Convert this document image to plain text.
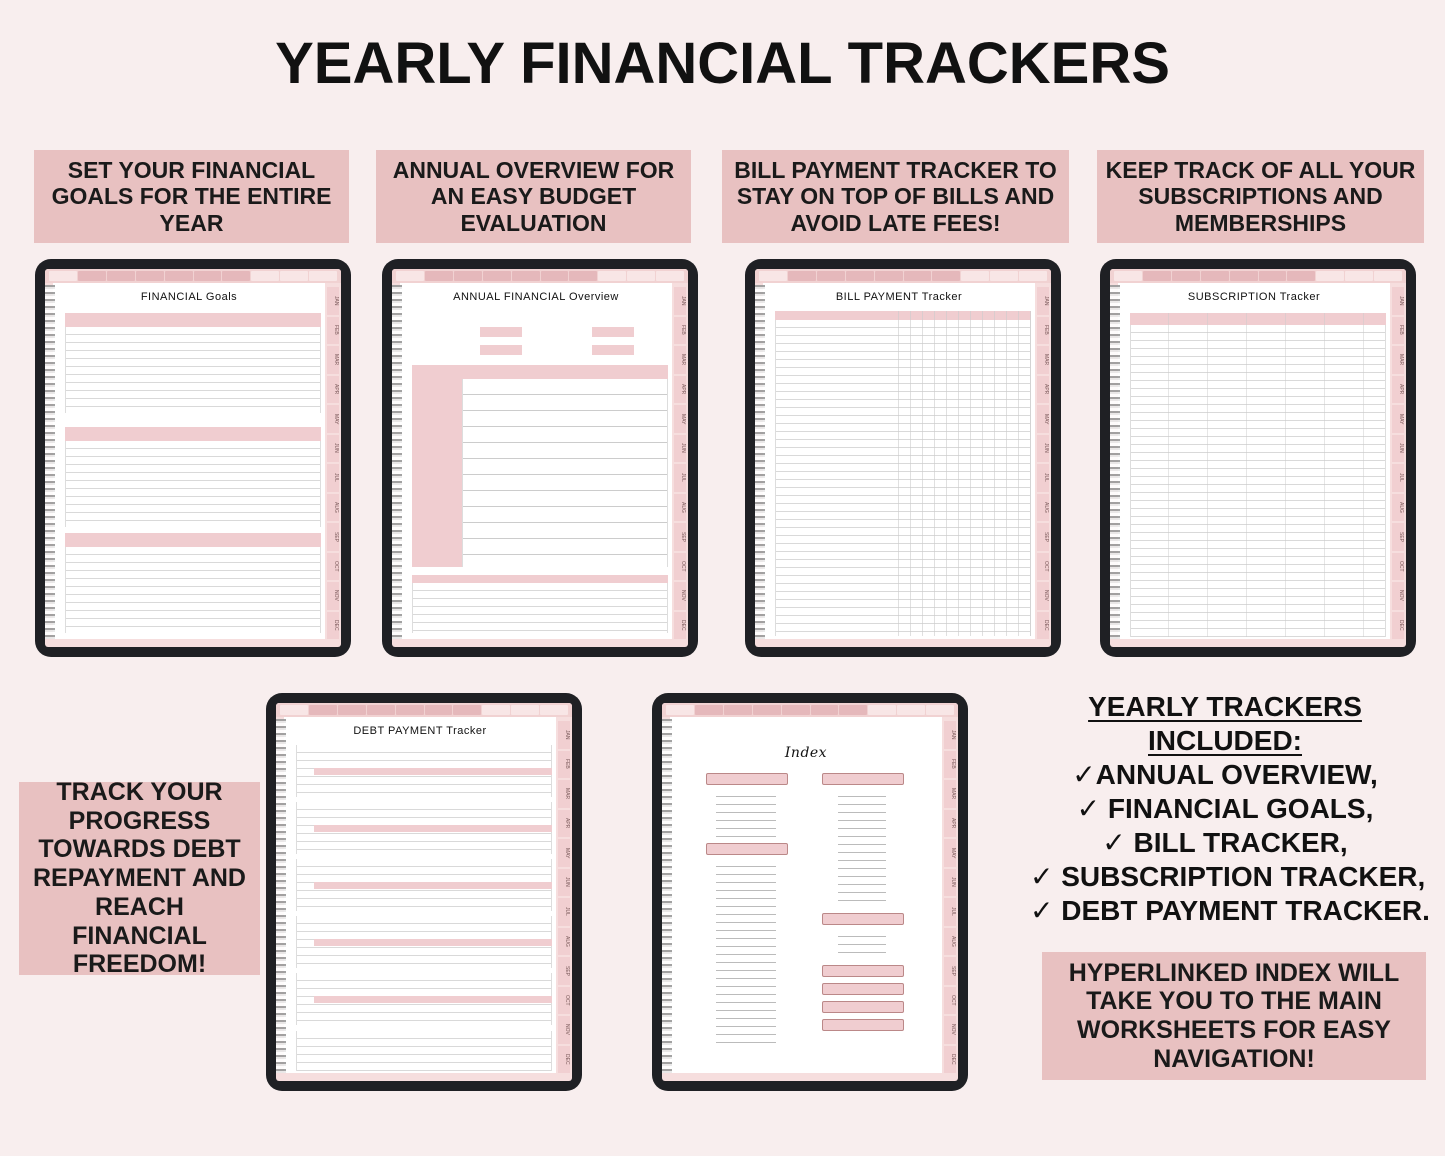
YEARLY FINANCIAL TRACKERS
SET YOUR FINANCIAL GOALS FOR THE ENTIRE YEAR
ANNUAL OVERVIEW FOR AN EASY BUDGET EVALUATION
BILL PAYMENT TRACKER TO STAY ON TOP OF BILLS AND AVOID LATE FEES!
KEEP TRACK OF ALL YOUR SUBSCRIPTIONS AND MEMBERSHIPS
TRACK YOUR PROGRESS TOWARDS DEBT REPAYMENT AND REACH FINANCIAL FREEDOM!	HYPERLINKED INDEX WILL TAKE YOU TO THE MAIN WORKSHEETS FOR EASY NAVIGATION!
YEARLY TRACKERS
INCLUDED:
✓ANNUAL OVERVIEW,
✓ FINANCIAL GOALS,
✓ BILL TRACKER,
✓ SUBSCRIPTION TRACKER,
✓ DEBT PAYMENT TRACKER.
FINANCIAL Goals	JAN
FEB
MAR
APR
MAY
JUN
JUL
AUG
SEP
OCT
NOV
DEC
ANNUAL FINANCIAL Overview	JAN
FEB
MAR
APR
MAY
JUN
JUL
AUG
SEP
OCT
NOV
DEC
BILL PAYMENT Tracker	JAN
FEB
MAR
APR
MAY
JUN
JUL
AUG
SEP
OCT
NOV
DEC
SUBSCRIPTION Tracker	JAN
FEB
MAR
APR
MAY
JUN
JUL
AUG
SEP
OCT
NOV
DEC
DEBT PAYMENT Tracker	JAN
FEB
MAR
APR
MAY
JUN
JUL
AUG
SEP
OCT
NOV
DEC
Index
JAN
FEB
MAR
APR
MAY
JUN
JUL
AUG
SEP
OCT
NOV
DEC
